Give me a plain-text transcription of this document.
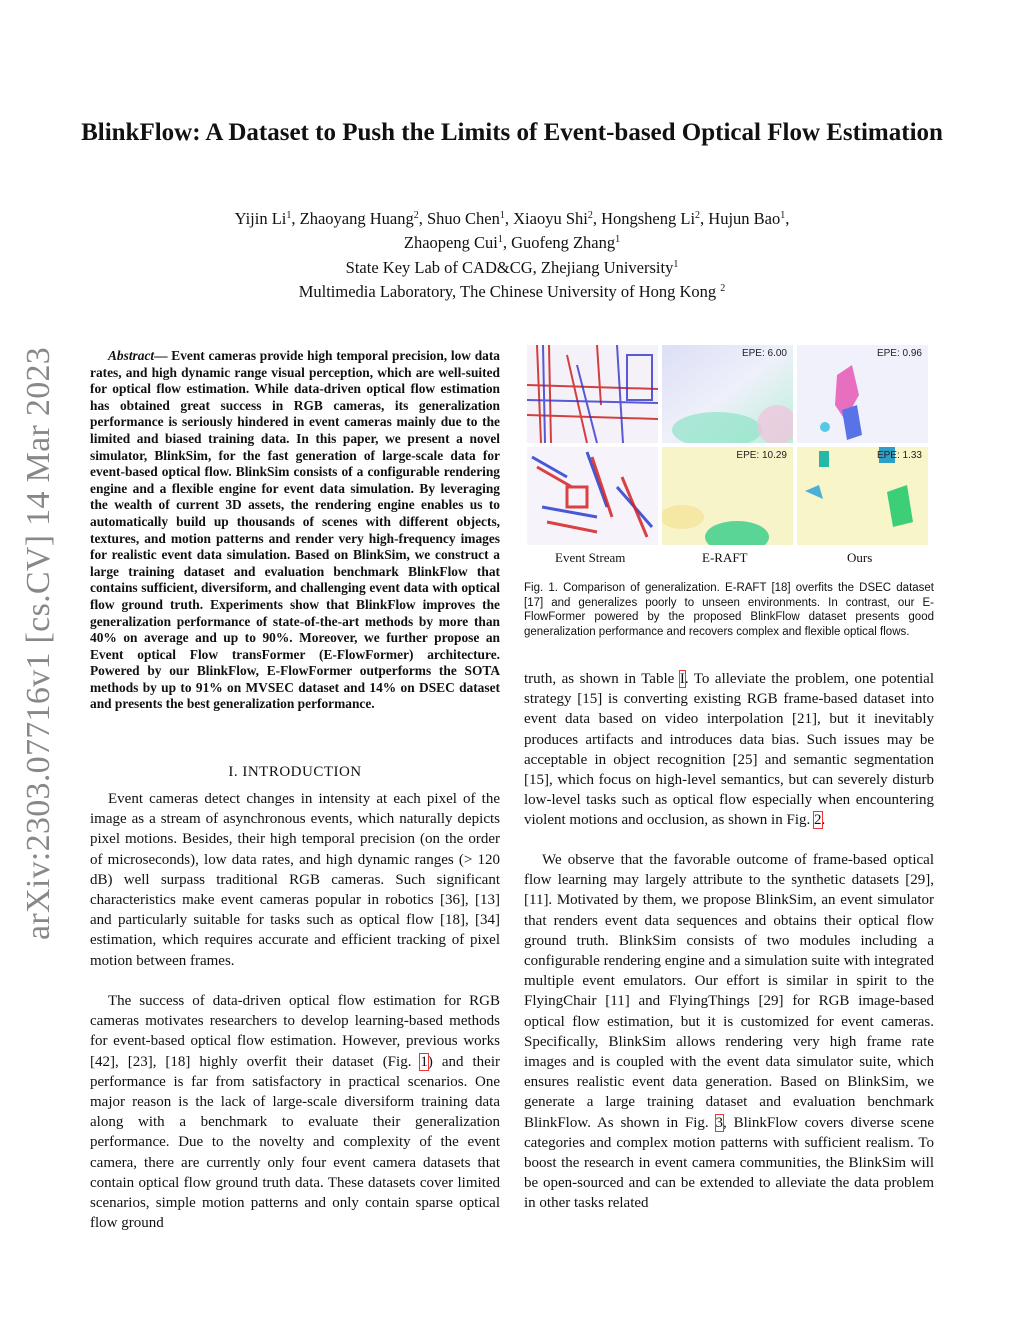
BlinkFlow: A Dataset to Push the Limits of Event-based Optical Flow Estimation
Yijin Li$^1$, Zhaoyang Huang$^2$, Shuo Chen$^1$, Xiaoyu Shi$^2$, Hongsheng Li$^2$, Hujun Bao$^1$,
Zhaopeng Cui$^1$, Guofeng Zhang$^1$
State Key Lab of CAD&CG, Zhejiang University$^1$
Multimedia Laboratory, The Chinese University of Hong Kong $^2$
arXiv:2303.07716v1 [cs.CV] 14 Mar 2023	Abstract— Event cameras provide high temporal precision, low data rates, and high dynamic range visual perception, which are well-suited for optical flow estimation. While data-driven optical flow estimation has obtained great success in RGB cameras, its generalization performance is seriously hindered in event cameras mainly due to the limited and biased training data. In this paper, we present a novel simulator, BlinkSim, for the fast generation of large-scale data for event-based optical flow. BlinkSim consists of a configurable rendering engine and a flexible engine for event data simulation. By leveraging the wealth of current 3D assets, the rendering engine enables us to automatically build up thousands of scenes with different objects, textures, and motion patterns and render very high-frequency images for realistic event data simulation. Based on BlinkSim, we construct a large training dataset and evaluation benchmark BlinkFlow that contains sufficient, diversiform, and challenging event data with optical flow ground truth. Experiments show that BlinkFlow improves the generalization performance of state-of-the-art methods by more than 40% on average and up to 90%. Moreover, we further propose an Event optical Flow transFormer (E-FlowFormer) architecture. Powered by our BlinkFlow, E-FlowFormer outperforms the SOTA methods by up to 91% on MVSEC dataset and 14% on DSEC dataset and presents the best generalization performance.
I. INTRODUCTION
Event cameras detect changes in intensity at each pixel of the image as a stream of asynchronous events, which naturally depicts pixel motions. Besides, their high temporal precision (on the order of microseconds), low data rates, and high dynamic ranges (> 120 dB) well surpass traditional RGB cameras. Such significant characteristics make event cameras popular in robotics [36], [13] and particularly suitable for tasks such as optical flow [18], [34] estimation, which requires accurate and efficient tracking of pixel motion between frames.
The success of data-driven optical flow estimation for RGB cameras motivates researchers to develop learning-based methods for event-based optical flow estimation. However, previous works [42], [23], [18] highly overfit their dataset (Fig. 1) and their performance is far from satisfactory in practical scenarios. One major reason is the lack of large-scale diversiform training data along with a benchmark to evaluate their generalization performance. Due to the novelty and complexity of the event camera, there are currently only four event camera datasets that contain optical flow ground truth data. These datasets cover limited scenarios, simple motion patterns and only contain sparse optical flow ground
EPE: 6.00	EPE: 0.96
EPE: 10.29	EPE: 1.33
Event Stream	E-RAFT	Ours
Fig. 1. Comparison of generalization. E-RAFT [18] overfits the DSEC dataset [17] and generalizes poorly to unseen environments. In contrast, our E-FlowFormer powered by the proposed BlinkFlow dataset presents good generalization performance and recovers complex and flexible optical flows.
truth, as shown in Table I. To alleviate the problem, one potential strategy [15] is converting existing RGB frame-based dataset into event data based on video interpolation [21], but it inevitably produces artifacts and introduces data bias. Such issues may be acceptable in object recognition [25] and semantic segmentation [15], which focus on high-level semantics, but can severely disturb low-level tasks such as optical flow especially when encountering violent motions and occlusion, as shown in Fig. 2.
We observe that the favorable outcome of frame-based optical flow learning may largely attribute to the synthetic datasets [29], [11]. Motivated by them, we propose BlinkSim, an event simulator that renders event data sequences and obtains their optical flow ground truth. BlinkSim consists of two modules including a configurable rendering engine and a simulation suite with integrated multiple event emulators. Our effort is similar in spirit to the FlyingChair [11] and FlyingThings [29] for RGB image-based optical flow estimation, but it is customized for event cameras. Specifically, BlinkSim allows rendering very high frame rate images and is coupled with the event data simulator suite, which ensures realistic event data generation. Based on BlinkSim, we generate a large training dataset and evaluation benchmark BlinkFlow. As shown in Fig. 3, BlinkFlow covers diverse scene categories and complex motion patterns with sufficient realism. To boost the research in event camera communities, the BlinkSim will be open-sourced and can be extended to alleviate the data problem in other tasks related
